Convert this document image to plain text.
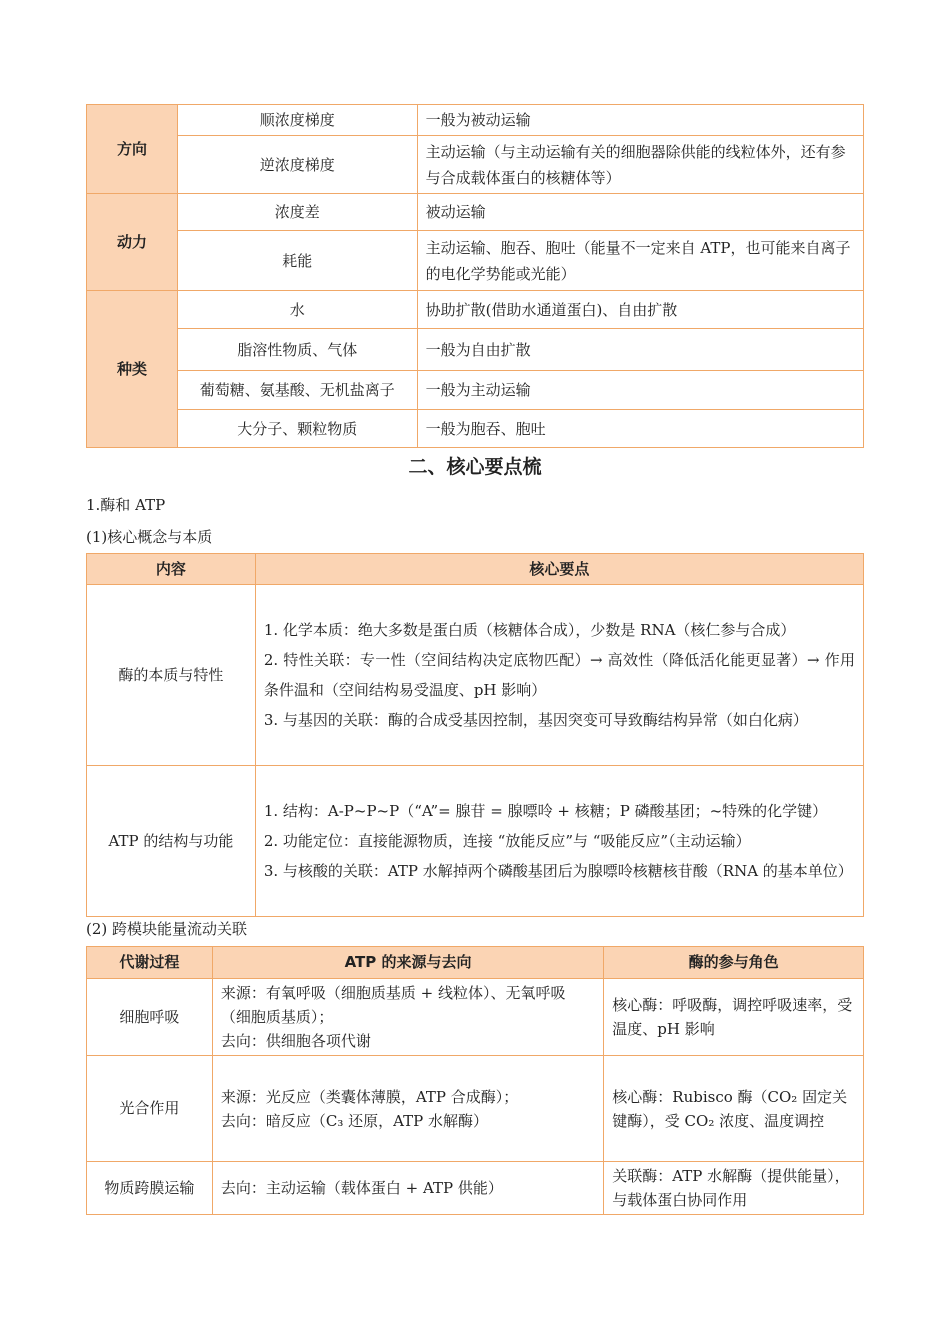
方向	顺浓度梯度	一般为被动运输
	逆浓度梯度	主动运输（与主动运输有关的细胞器除供能的线粒体外，还有参与合成载体蛋白的核糖体等）
动力	浓度差	被动运输
	耗能	主动运输、胞吞、胞吐（能量不一定来自 ATP，也可能来自离子的电化学势能或光能）
种类	水	协助扩散(借助水通道蛋白)、自由扩散
	脂溶性物质、气体	一般为自由扩散
	葡萄糖、氨基酸、无机盐离子	一般为主动运输
	大分子、颗粒物质	一般为胞吞、胞吐
二、核心要点梳
1.酶和 ATP
(1)核心概念与本质
内容	核心要点
酶的本质与特性	1. 化学本质：绝大多数是蛋白质（核糖体合成），少数是 RNA（核仁参与合成）
2. 特性关联：专一性（空间结构决定底物匹配）→ 高效性（降低活化能更显著）→ 作用条件温和（空间结构易受温度、pH 影响）
3. 与基因的关联：酶的合成受基因控制，基因突变可导致酶结构异常（如白化病）

ATP 的结构与功能	1. 结构：A-P~P~P（“A”= 腺苷 = 腺嘌呤 + 核糖；P 磷酸基团；~特殊的化学键）
2. 功能定位：直接能源物质，连接 “放能反应”与 “吸能反应”（主动运输）
3. 与核酸的关联：ATP 水解掉两个磷酸基团后为腺嘌呤核糖核苷酸（RNA 的基本单位）
(2) 跨模块能量流动关联
代谢过程	ATP 的来源与去向	酶的参与角色
细胞呼吸	来源：有氧呼吸（细胞质基质 + 线粒体）、无氧呼吸（细胞质基质）；
去向：供细胞各项代谢	核心酶：呼吸酶，调控呼吸速率，受温度、pH 影响
光合作用	来源：光反应（类囊体薄膜，ATP 合成酶）；
去向：暗反应（C₃ 还原，ATP 水解酶）	核心酶：Rubisco 酶（CO₂ 固定关键酶），受 CO₂ 浓度、温度调控
物质跨膜运输	去向：主动运输（载体蛋白 + ATP 供能）	关联酶：ATP 水解酶（提供能量），与载体蛋白协同作用
